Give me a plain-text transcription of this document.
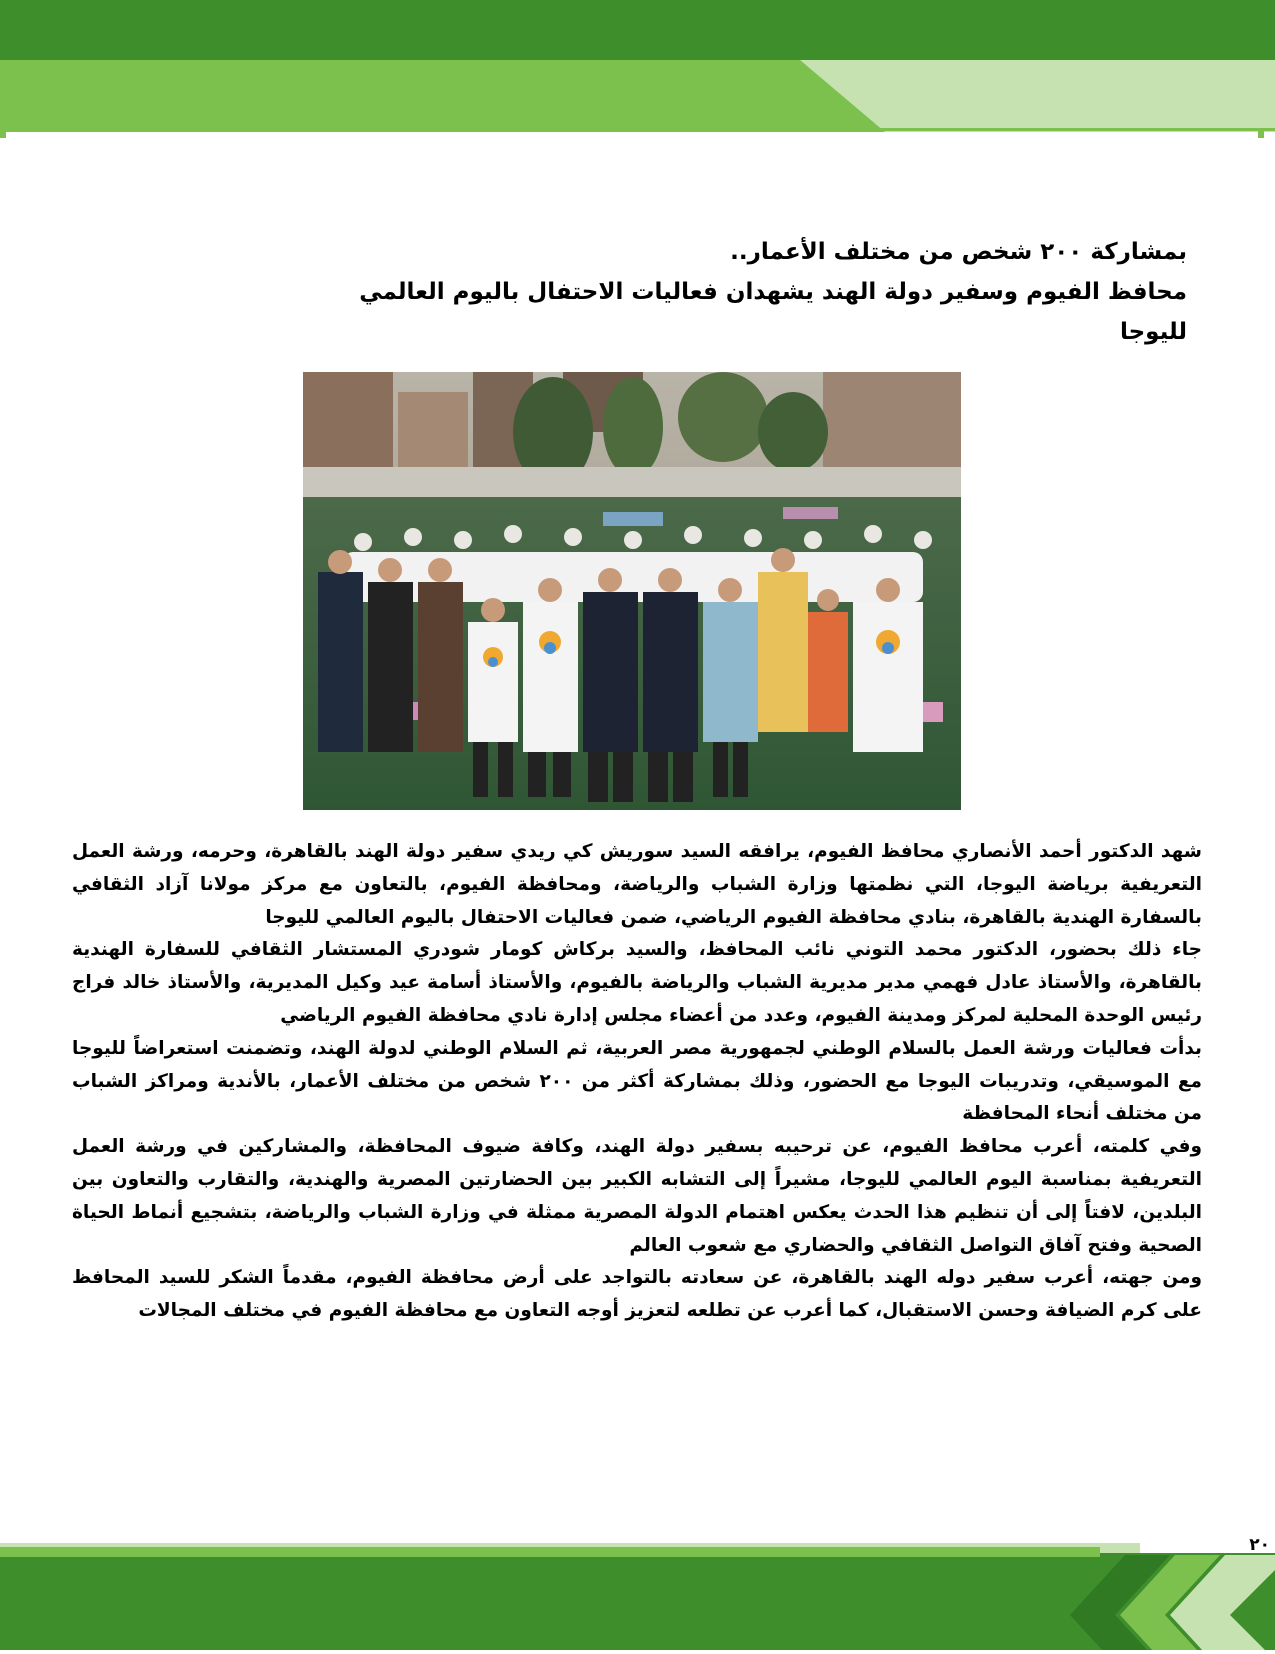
بمشاركة ٢٠٠ شخص من مختلف الأعمار..
محافظ الفيوم وسفير دولة الهند يشهدان فعاليات الاحتفال باليوم العالمي لليوجا

شهد الدكتور أحمد الأنصاري محافظ الفيوم، يرافقه السيد سوريش كي ريدي سفير دولة الهند بالقاهرة، وحرمه، ورشة العمل التعريفية برياضة اليوجا، التي نظمتها وزارة الشباب والرياضة، ومحافظة الفيوم، بالتعاون مع مركز مولانا آزاد الثقافي بالسفارة الهندية بالقاهرة، بنادي محافظة الفيوم الرياضي، ضمن فعاليات الاحتفال باليوم العالمي لليوجا

جاء ذلك بحضور، الدكتور محمد التوني نائب المحافظ، والسيد بركاش كومار شودري المستشار الثقافي للسفارة الهندية بالقاهرة، والأستاذ عادل فهمي مدير مديرية الشباب والرياضة بالفيوم، والأستاذ أسامة عيد وكيل المديرية، والأستاذ خالد فراج رئيس الوحدة المحلية لمركز ومدينة الفيوم، وعدد من أعضاء مجلس إدارة نادي محافظة الفيوم الرياضي

بدأت فعاليات ورشة العمل بالسلام الوطني لجمهورية مصر العربية، ثم السلام الوطني لدولة الهند، وتضمنت استعراضاً لليوجا مع الموسيقي، وتدريبات اليوجا مع الحضور، وذلك بمشاركة أكثر من ٢٠٠ شخص من مختلف الأعمار، بالأندية ومراكز الشباب من مختلف أنحاء المحافظة

وفي كلمته، أعرب محافظ الفيوم، عن ترحيبه بسفير دولة الهند، وكافة ضيوف المحافظة، والمشاركين في ورشة العمل التعريفية بمناسبة اليوم العالمي لليوجا، مشيراً إلى التشابه الكبير بين الحضارتين المصرية والهندية، والتقارب والتعاون بين البلدين، لافتاً إلى أن تنظيم هذا الحدث يعكس اهتمام الدولة المصرية ممثلة في وزارة الشباب والرياضة، بتشجيع أنماط الحياة الصحية وفتح آفاق التواصل الثقافي والحضاري مع شعوب العالم

ومن جهته، أعرب سفير دوله الهند بالقاهرة، عن سعادته بالتواجد على أرض محافظة الفيوم، مقدماً الشكر للسيد المحافظ على كرم الضيافة وحسن الاستقبال، كما أعرب عن تطلعه لتعزيز أوجه التعاون مع محافظة الفيوم في مختلف المجالات

٢٠
